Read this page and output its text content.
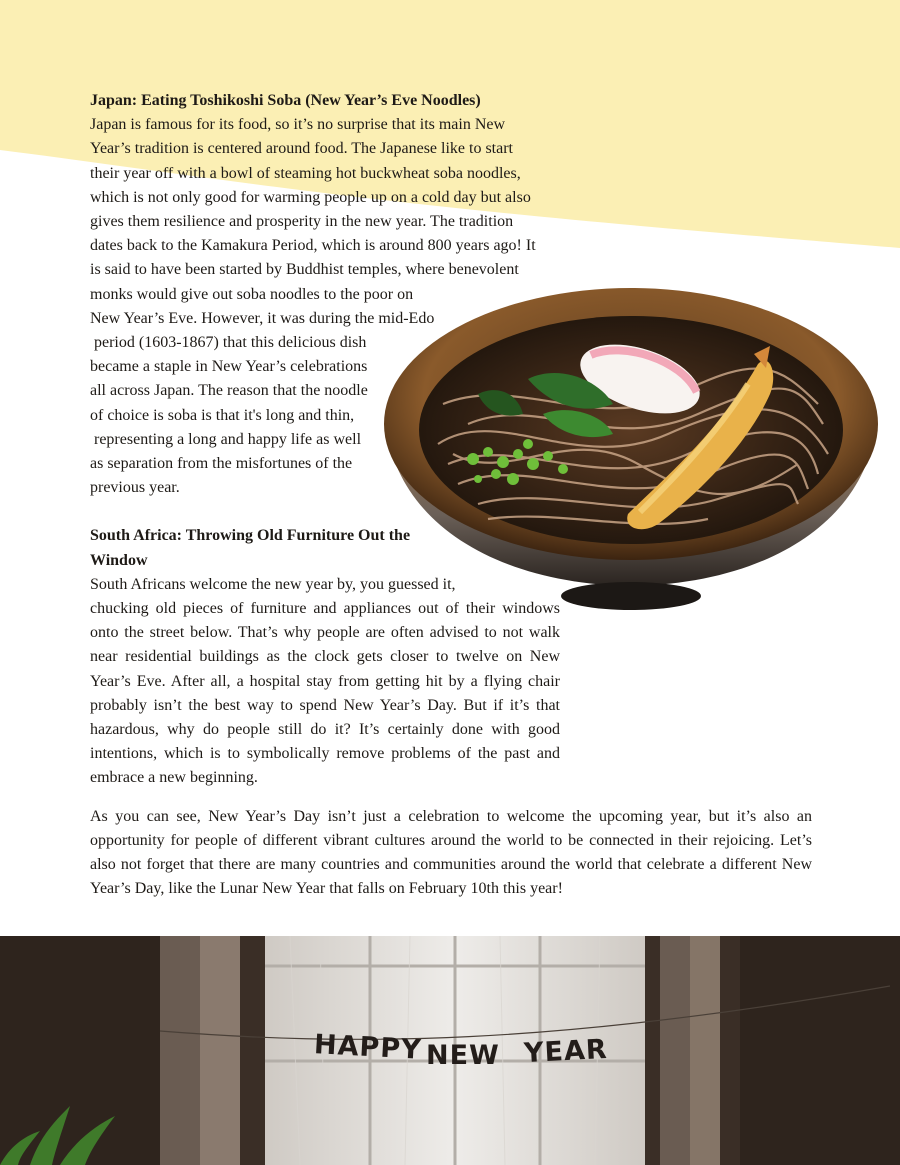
Japan: Eating Toshikoshi Soba (New Year’s Eve Noodles)

Japan is famous for its food, so it’s no surprise that its main New
Year’s tradition is centered around food. The Japanese like to start
their year off with a bowl of steaming hot buckwheat soba noodles,
which is not only good for warming people up on a cold day but also
gives them resilience and prosperity in the new year. The tradition
dates back to the Kamakura Period, which is around 800 years ago! It
is said to have been started by Buddhist temples, where benevolent
monks would give out soba noodles to the poor on
New Year’s Eve. However, it was during the mid-Edo
period (1603-1867) that this delicious dish
became a staple in New Year’s celebrations
all across Japan. The reason that the noodle
of choice is soba is that it's long and thin,
representing a long and happy life as well
as separation from the misfortunes of the
previous year.

South Africa: Throwing Old Furniture Out the
Window

South Africans welcome the new year by, you guessed it,
chucking old pieces of furniture and appliances out of their windows onto the street below. That’s why people are often advised to not walk near residential buildings as the clock gets closer to twelve on New Year’s Eve. After all, a hospital stay from getting hit by a flying chair probably isn’t the best way to spend New Year’s Day. But if it’s that hazardous, why do people still do it? It’s certainly done with good intentions, which is to symbolically remove problems of the past and embrace a new beginning.

As you can see, New Year’s Day isn’t just a celebration to welcome the upcoming year, but it’s also an opportunity for people of different vibrant cultures around the world to be connected in their rejoicing. Let’s also not forget that there are many countries and communities around the world that celebrate a different New Year’s Day, like the Lunar New Year that falls on February 10th this year!

HAPPY NEW YEAR
